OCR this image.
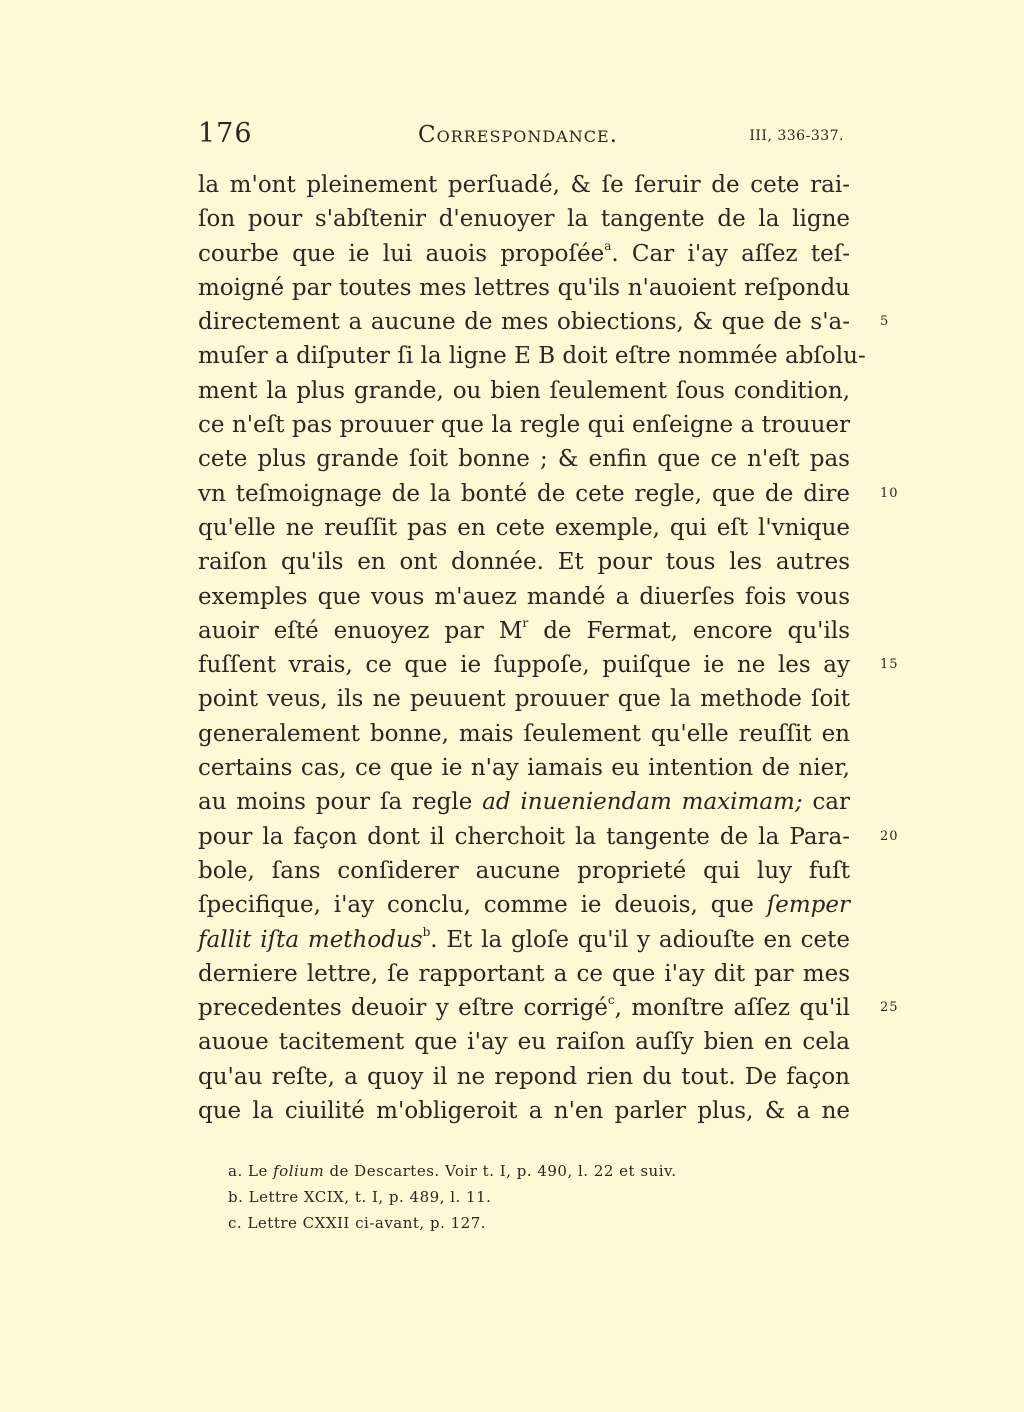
176	Correspondance.	III, 336-337.
la m'ont pleinement perſuadé, & ſe ſeruir de cete rai-
ſon pour s'abſtenir d'enuoyer la tangente de la ligne
courbe que ie lui auois propoſée$^a$. Car i'ay aſſez teſ-
moigné par toutes mes lettres qu'ils n'auoient reſpondu
directement a aucune de mes obiections, & que de s'a- 5
muſer a diſputer ſi la ligne E B doit eſtre nommée abſolu-
ment la plus grande, ou bien ſeulement ſous condition,
ce n'eſt pas prouuer que la regle qui enſeigne a trouuer
cete plus grande ſoit bonne ; & enfin que ce n'eſt pas
vn teſmoignage de la bonté de cete regle, que de dire 10
qu'elle ne reuſſit pas en cete exemple, qui eſt l'vnique
raiſon qu'ils en ont donnée. Et pour tous les autres
exemples que vous m'auez mandé a diuerſes fois vous
auoir eſté enuoyez par $M^r$ de Fermat, encore qu'ils
fuſſent vrais, ce que ie ſuppoſe, puiſque ie ne les ay 15
point veus, ils ne peuuent prouuer que la methode ſoit
generalement bonne, mais ſeulement qu'elle reuſſit en
certains cas, ce que ie n'ay iamais eu intention de nier,
au moins pour ſa regle ad inueniendam maximam; car
pour la façon dont il cherchoit la tangente de la Para- 20
bole, ſans conſiderer aucune proprieté qui luy fuſt
ſpecifique, i'ay conclu, comme ie deuois, que ſemper
fallit iſta methodus$^b$. Et la gloſe qu'il y adiouſte en cete
derniere lettre, ſe rapportant a ce que i'ay dit par mes
precedentes deuoir y eſtre corrigé$^c$, monſtre aſſez qu'il 25
auoue tacitement que i'ay eu raiſon auſſy bien en cela
qu'au reſte, a quoy il ne repond rien du tout. De façon
que la ciuilité m'obligeroit a n'en parler plus, & a ne
a. Le folium de Descartes. Voir t. I, p. 490, l. 22 et suiv.
b. Lettre XCIX, t. I, p. 489, l. 11.
c. Lettre CXXII ci-avant, p. 127.
